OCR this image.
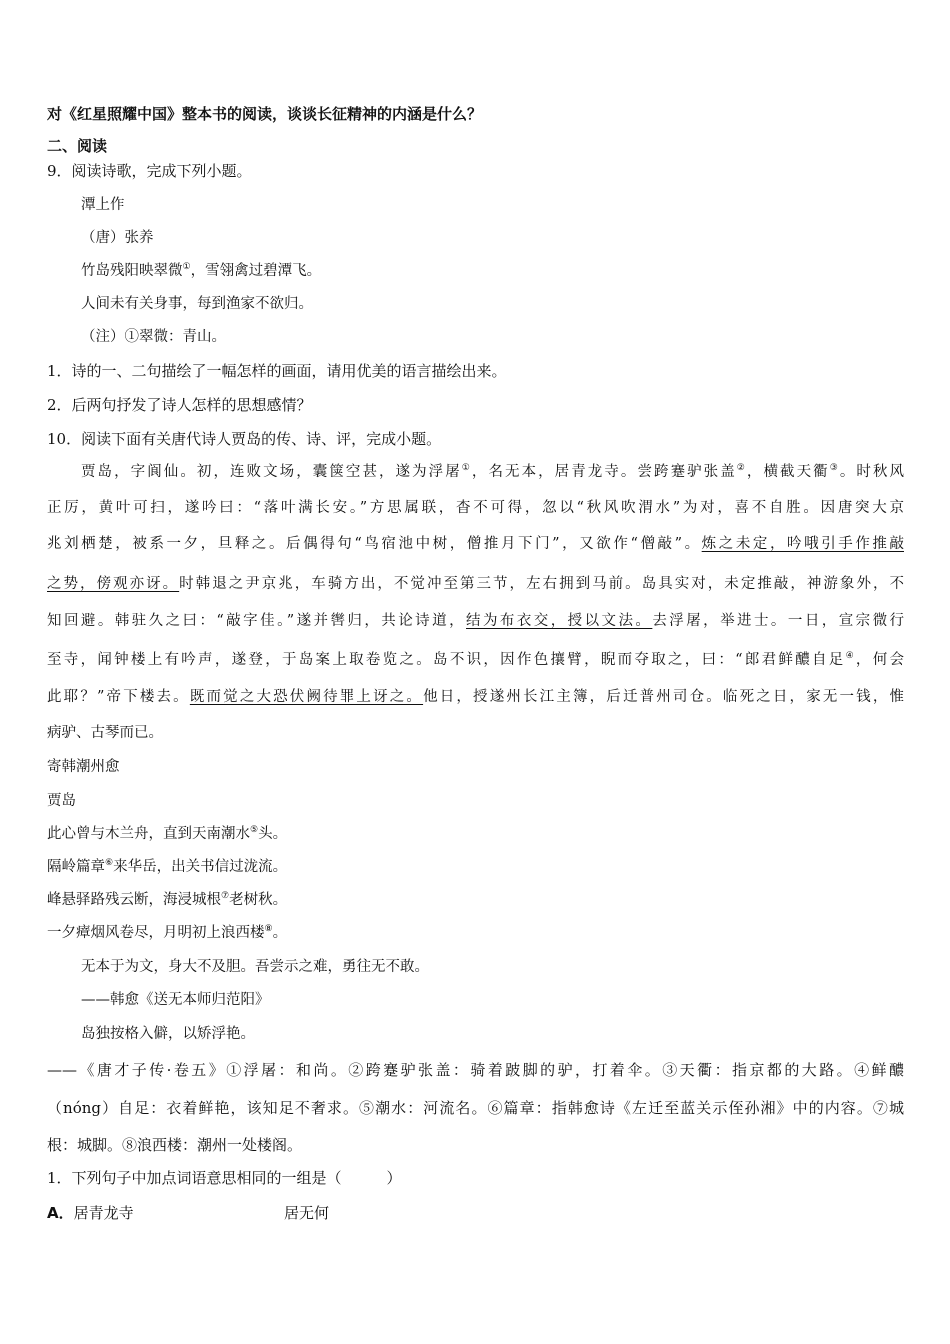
对《红星照耀中国》整本书的阅读，谈谈长征精神的内涵是什么？
二、阅读
9．阅读诗歌，完成下列小题。
潭上作
（唐）张养
竹岛残阳映翠微①，雪翎禽过碧潭飞。
人间未有关身事，每到渔家不欲归。
（注）①翠微：青山。
1．诗的一、二句描绘了一幅怎样的画面，请用优美的语言描绘出来。
2．后两句抒发了诗人怎样的思想感情？
10．阅读下面有关唐代诗人贾岛的传、诗、评，完成小题。
贾岛，字阆仙。初，连败文场，囊箧空甚，遂为浮屠①，名无本，居青龙寺。尝跨蹇驴张盖②，横截天衢③。时秋风
正厉，黄叶可扫，遂吟曰：“落叶满长安。”方思属联，杳不可得，忽以“秋风吹渭水”为对，喜不自胜。因唐突大京
兆刘栖楚，被系一夕，旦释之。后偶得句“鸟宿池中树，僧推月下门”，又欲作“僧敲”。炼之未定，吟哦引手作推敲
之势，傍观亦讶。时韩退之尹京兆，车骑方出，不觉冲至第三节，左右拥到马前。岛具实对，未定推敲，神游象外，不
知回避。韩驻久之曰：“敲字佳。”遂并辔归，共论诗道，结为布衣交，授以文法。去浮屠，举进士。一日，宣宗微行
至寺，闻钟楼上有吟声，遂登，于岛案上取卷览之。岛不识，因作色攘臂，睨而夺取之，曰：“郎君鲜醲自足④，何会
此耶？”帝下楼去。既而觉之大恐伏阙待罪上讶之。他日，授遂州长江主簿，后迁普州司仓。临死之日，家无一钱，惟
病驴、古琴而已。
寄韩潮州愈
贾岛
此心曾与木兰舟，直到天南潮水⑤头。
隔岭篇章⑥来华岳，出关书信过泷流。
峰悬驿路残云断，海浸城根⑦老树秋。
一夕瘴烟风卷尽，月明初上浪西楼⑧。
无本于为文，身大不及胆。吾尝示之难，勇往无不敢。
——韩愈《送无本师归范阳》
岛独按格入僻，以矫浮艳。
——《唐才子传·卷五》①浮屠：和尚。②跨蹇驴张盖：骑着跛脚的驴，打着伞。③天衢：指京都的大路。④鲜醲
（nóng）自足：衣着鲜艳，该知足不奢求。⑤潮水：河流名。⑥篇章：指韩愈诗《左迁至蓝关示侄孙湘》中的内容。⑦城
根：城脚。⑧浪西楼：潮州一处楼阁。
1．下列句子中加点词语意思相同的一组是（　　　）
A．居青龙寺	居无何
